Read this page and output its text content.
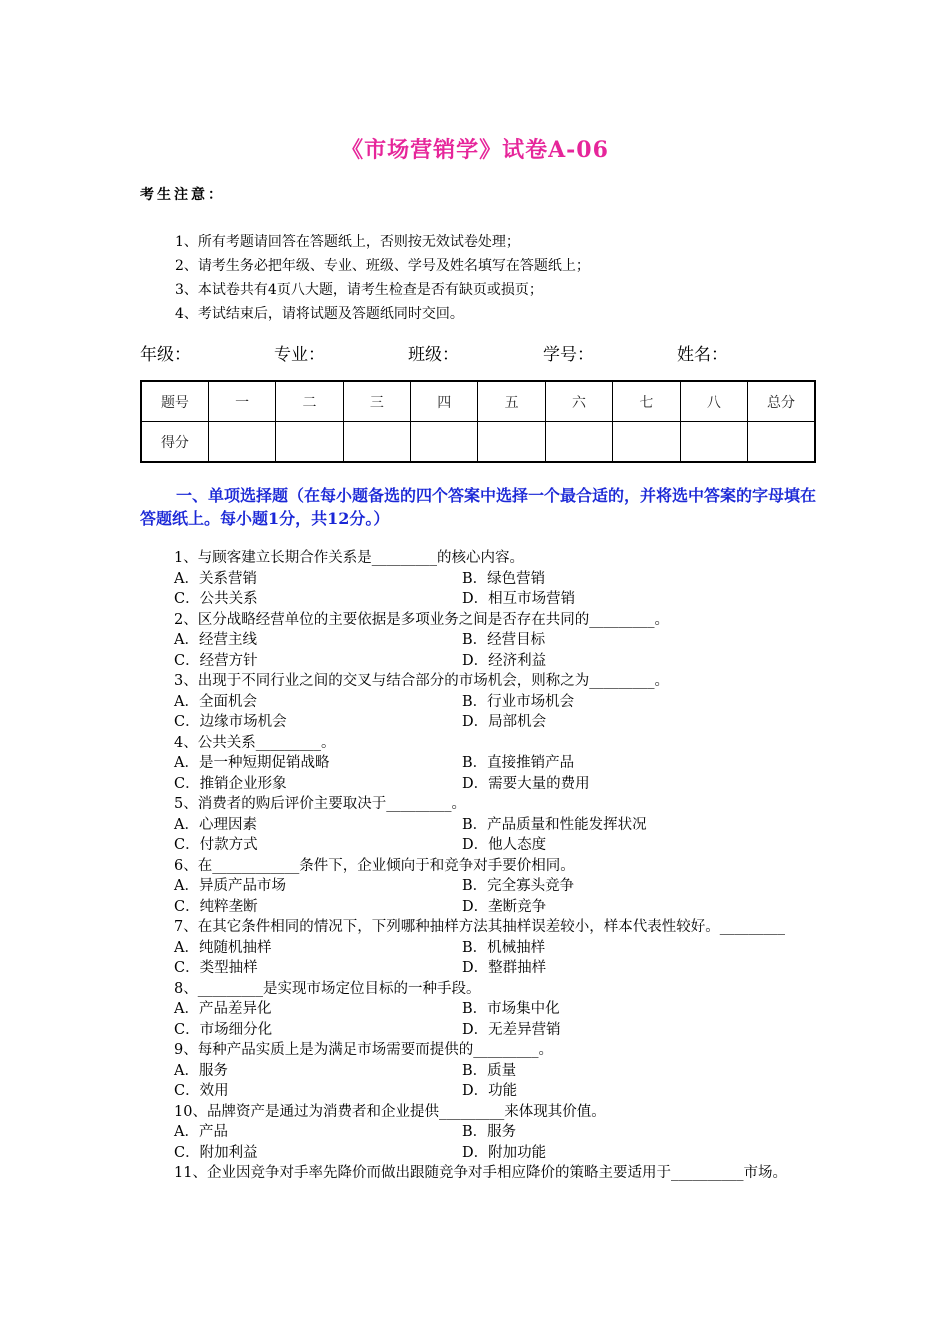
《市场营销学》试卷A-06
考生注意：
1、所有考题请回答在答题纸上，否则按无效试卷处理；
2、请考生务必把年级、专业、班级、学号及姓名填写在答题纸上；
3、本试卷共有4页八大题，请考生检查是否有缺页或损页；
4、考试结束后，请将试题及答题纸同时交回。
年级：	专业：	班级：	学号：	姓名：
题号	一	二	三	四	五	六	七	八	总分
得分									
一、单项选择题（在每小题备选的四个答案中选择一个最合适的，并将选中答案的字母填在答题纸上。每小题1分，共12分。）
1、与顾客建立长期合作关系是_________的核心内容。
A．关系营销	B．绿色营销
C．公共关系	D．相互市场营销
2、区分战略经营单位的主要依据是多项业务之间是否存在共同的_________。
A．经营主线	B．经营目标
C．经营方针	D．经济利益
3、出现于不同行业之间的交叉与结合部分的市场机会，则称之为_________。
A．全面机会	B．行业市场机会
C．边缘市场机会	D．局部机会
4、公共关系_________。
A．是一种短期促销战略	B．直接推销产品
C．推销企业形象	D．需要大量的费用
5、消费者的购后评价主要取决于_________。
A．心理因素	B．产品质量和性能发挥状况
C．付款方式	D．他人态度
6、在____________条件下，企业倾向于和竞争对手要价相同。
A．异质产品市场	B．完全寡头竞争
C．纯粹垄断	D．垄断竞争
7、在其它条件相同的情况下，下列哪种抽样方法其抽样误差较小，样本代表性较好。_________
A．纯随机抽样	B．机械抽样
C．类型抽样	D．整群抽样
8、_________是实现市场定位目标的一种手段。
A．产品差异化	B．市场集中化
C．市场细分化	D．无差异营销
9、每种产品实质上是为满足市场需要而提供的_________。
A．服务	B．质量
C．效用	D．功能
10、品牌资产是通过为消费者和企业提供_________来体现其价值。
A．产品	B．服务
C．附加利益	D．附加功能
11、企业因竞争对手率先降价而做出跟随竞争对手相应降价的策略主要适用于__________市场。
